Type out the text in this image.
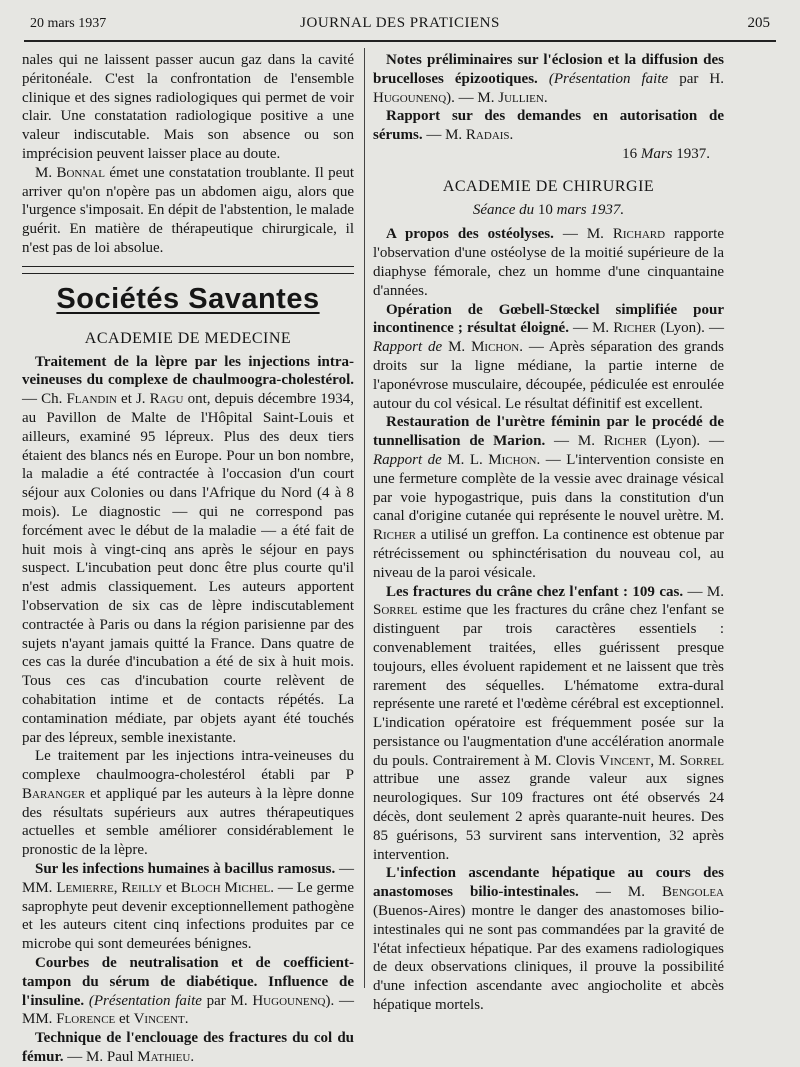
20 mars 1937	JOURNAL DES PRATICIENS	205

nales qui ne laissent passer aucun gaz dans la cavité péritonéale. C'est la confrontation de l'ensemble clinique et des signes radiologiques qui permet de voir clair. Une constatation radiologique positive a une valeur indiscutable. Mais son absence ou son imprécision peuvent laisser place au doute.

M. Bonnal émet une constatation troublante. Il peut arriver qu'on n'opère pas un abdomen aigu, alors que l'urgence s'imposait. En dépit de l'abstention, le malade guérit. En matière de thérapeutique chirurgicale, il n'est pas de loi absolue.

Sociétés Savantes
ACADEMIE DE MEDECINE

Traitement de la lèpre par les injections intra-veineuses du complexe de chaulmoogra-cholestérol. — Ch. Flandin et J. Ragu ont, depuis décembre 1934, au Pavillon de Malte de l'Hôpital Saint-Louis et ailleurs, examiné 95 lépreux. Plus des deux tiers étaient des blancs nés en Europe. Pour un bon nombre, la maladie a été contractée à l'occasion d'un court séjour aux Colonies ou dans l'Afrique du Nord (4 à 8 mois). Le diagnostic — qui ne correspond pas forcément avec le début de la maladie — a été fait de huit mois à vingt-cinq ans après le séjour en pays suspect. L'incubation peut donc être plus courte qu'il n'est admis classiquement. Les auteurs apportent l'observation de six cas de lèpre indiscutablement contractée à Paris ou dans la région parisienne par des sujets n'ayant jamais quitté la France. Dans quatre de ces cas la durée d'incubation a été de six à huit mois. Tous ces cas d'incubation courte relèvent de cohabitation intime et de contacts répétés. La contamination médiate, par objets ayant été touchés par des lépreux, semble inexistante.

Le traitement par les injections intra-veineuses du complexe chaulmoogra-cholestérol établi par P Baranger et appliqué par les auteurs à la lèpre donne des résultats supérieurs aux autres thérapeutiques actuelles et semble améliorer considérablement le pronostic de la lèpre.

Sur les infections humaines à bacillus ramosus. — MM. Lemierre, Reilly et Bloch Michel. — Le germe saprophyte peut devenir exceptionnellement pathogène et les auteurs citent cinq infections produites par ce microbe qui sont demeurées bénignes.

Courbes de neutralisation et de coefficient-tampon du sérum de diabétique. Influence de l'insuline. (Présentation faite par M. Hugounenq). — MM. Florence et Vincent.

Technique de l'enclouage des fractures du col du fémur. — M. Paul Mathieu.

Notes préliminaires sur l'éclosion et la diffusion des brucelloses épizootiques. (Présentation faite par H. Hugounenq). — M. Jullien.

Rapport sur des demandes en autorisation de sérums. — M. Radais.

16 Mars 1937.

ACADEMIE DE CHIRURGIE
Séance du 10 mars 1937.

A propos des ostéolyses. — M. Richard rapporte l'observation d'une ostéolyse de la moitié supérieure de la diaphyse fémorale, chez un homme d'une cinquantaine d'années.

Opération de Gœbell-Stœckel simplifiée pour incontinence ; résultat éloigné. — M. Richer (Lyon). — Rapport de M. Michon. — Après séparation des grands droits sur la ligne médiane, la partie interne de l'aponévrose musculaire, découpée, pédiculée est enroulée autour du col vésical. Le résultat définitif est excellent.

Restauration de l'urètre féminin par le procédé de tunnellisation de Marion. — M. Richer (Lyon). — Rapport de M. L. Michon. — L'intervention consiste en une fermeture complète de la vessie avec drainage vésical par voie hypogastrique, puis dans la constitution d'un canal d'origine cutanée qui représente le nouvel urètre. M. Richer a utilisé un greffon. La continence est obtenue par rétrécissement ou sphinctérisation du nouveau col, au niveau de la paroi vésicale.

Les fractures du crâne chez l'enfant : 109 cas. — M. Sorrel estime que les fractures du crâne chez l'enfant se distinguent par trois caractères essentiels : convenablement traitées, elles guérissent presque toujours, elles évoluent rapidement et ne laissent que très rarement des séquelles. L'hématome extra-dural représente une rareté et l'œdème cérébral est exceptionnel. L'indication opératoire est fréquemment posée sur la persistance ou l'augmentation d'une accélération anormale du pouls. Contrairement à M. Clovis Vincent, M. Sorrel attribue une assez grande valeur aux signes neurologiques. Sur 109 fractures ont été observés 24 décès, dont seulement 2 après quarante-nuit heures. Des 85 guérisons, 53 survirent sans intervention, 32 après intervention.

L'infection ascendante hépatique au cours des anastomoses bilio-intestinales. — M. Bengolea (Buenos-Aires) montre le danger des anastomoses bilio-intestinales qui ne sont pas commandées par la gravité de l'état infectieux hépatique. Par des examens radiologiques de deux observations cliniques, il prouve la possibilité d'une infection ascendante avec angiocholite et abcès hépatique mortels.
